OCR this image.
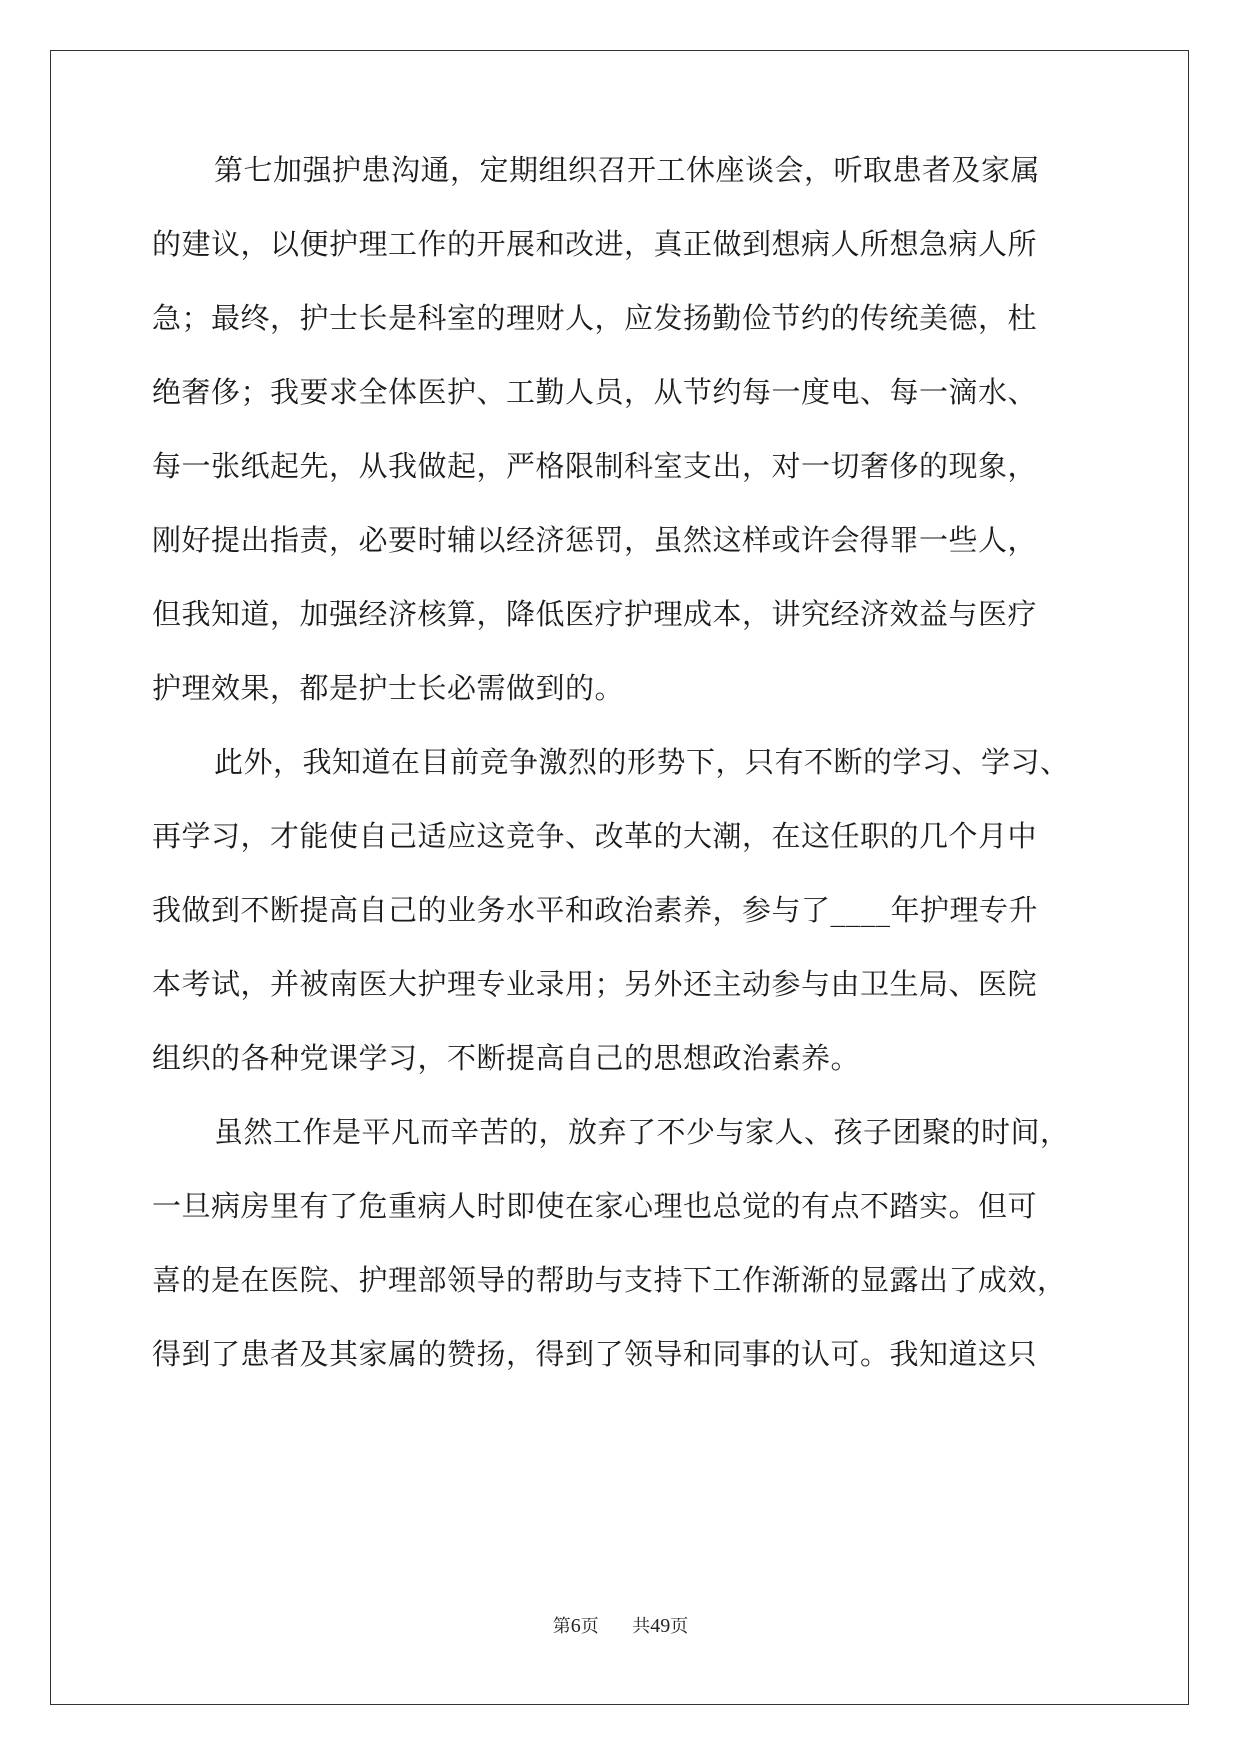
第七加强护患沟通，定期组织召开工休座谈会，听取患者及家属
的建议，以便护理工作的开展和改进，真正做到想病人所想急病人所
急；最终，护士长是科室的理财人，应发扬勤俭节约的传统美德，杜
绝奢侈；我要求全体医护、工勤人员，从节约每一度电、每一滴水、
每一张纸起先，从我做起，严格限制科室支出，对一切奢侈的现象，
刚好提出指责，必要时辅以经济惩罚，虽然这样或许会得罪一些人，
但我知道，加强经济核算，降低医疗护理成本，讲究经济效益与医疗
护理效果，都是护士长必需做到的。
此外，我知道在目前竞争激烈的形势下，只有不断的学习、学习、
再学习，才能使自己适应这竞争、改革的大潮，在这任职的几个月中
我做到不断提高自己的业务水平和政治素养，参与了____年护理专升
本考试，并被南医大护理专业录用；另外还主动参与由卫生局、医院
组织的各种党课学习，不断提高自己的思想政治素养。
虽然工作是平凡而辛苦的，放弃了不少与家人、孩子团聚的时间，
一旦病房里有了危重病人时即使在家心理也总觉的有点不踏实。但可
喜的是在医院、护理部领导的帮助与支持下工作渐渐的显露出了成效，
得到了患者及其家属的赞扬，得到了领导和同事的认可。我知道这只
第6页 共49页
